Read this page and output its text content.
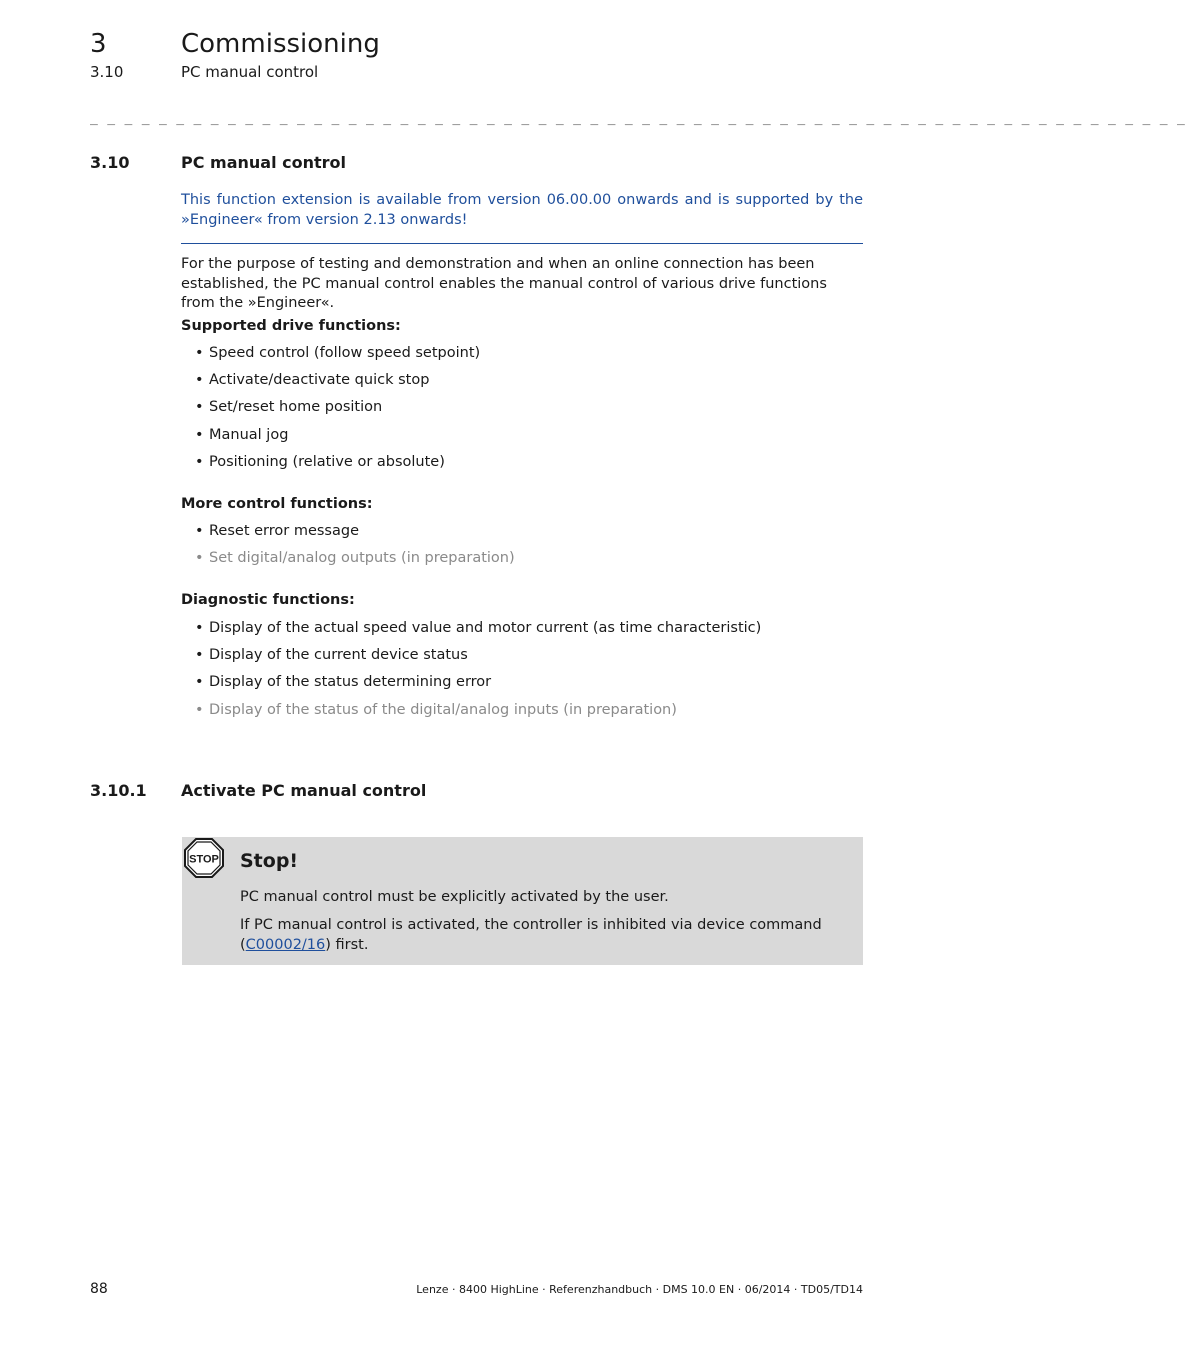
3	Commissioning
3.10	PC manual control
_ _ _ _ _ _ _ _ _ _ _ _ _ _ _ _ _ _ _ _ _ _ _ _ _ _ _ _ _ _ _ _ _ _ _ _ _ _ _ _ _ _ _ _ _ _ _ _ _ _ _ _ _ _ _ _ _ _ _ _ _ _ _ _
3.10	PC manual control
This function extension is available from version 06.00.00 onwards and is supported by the »Engineer« from version 2.13 onwards!
For the purpose of testing and demonstration and when an online connection has been established, the PC manual control enables the manual control of various drive functions from the »Engineer«.
Supported drive functions:
• Speed control (follow speed setpoint)
• Activate/deactivate quick stop
• Set/reset home position
• Manual jog
• Positioning (relative or absolute)
More control functions:
• Reset error message
• Set digital/analog outputs (in preparation)
Diagnostic functions:
• Display of the actual speed value and motor current (as time characteristic)
• Display of the current device status
• Display of the status determining error
• Display of the status of the digital/analog inputs (in preparation)
3.10.1 Activate PC manual control
STOP Stop!
PC manual control must be explicitly activated by the user.
If PC manual control is activated, the controller is inhibited via device command (C00002/16) first.
88	Lenze · 8400 HighLine · Referenzhandbuch · DMS 10.0 EN · 06/2014 · TD05/TD14
